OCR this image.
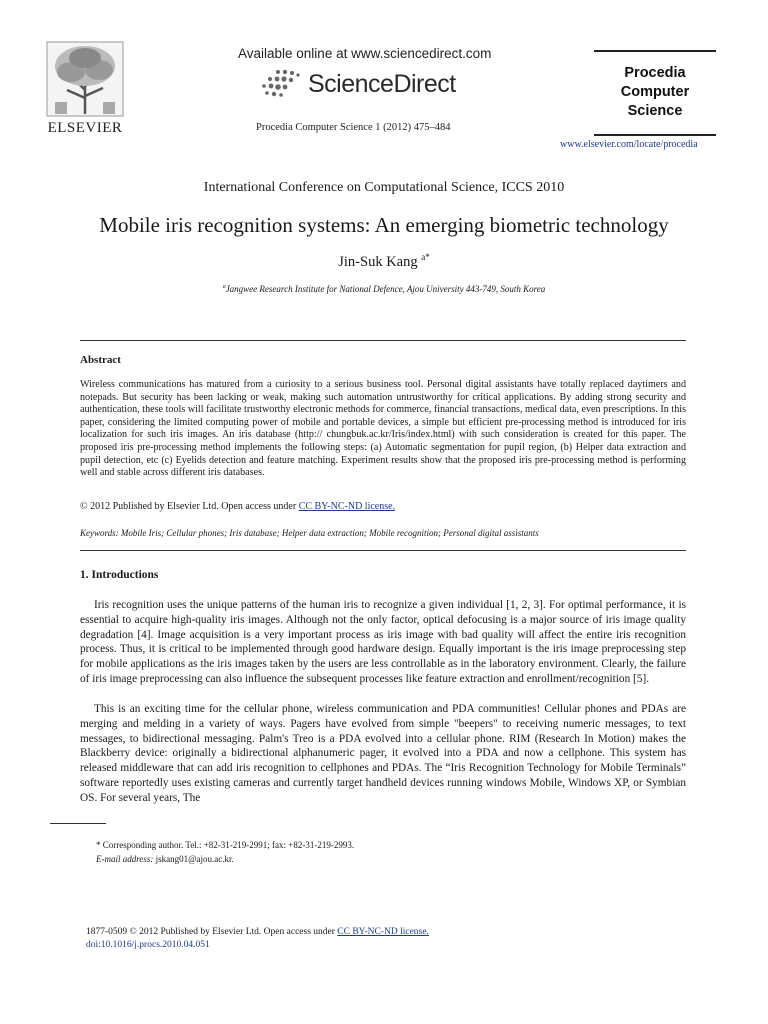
ELSEVIER
Available online at www.sciencedirect.com
ScienceDirect
Procedia Computer Science 1 (2012) 475–484
Procedia
Computer
Science
www.elsevier.com/locate/procedia
International Conference on Computational Science, ICCS 2010
Mobile iris recognition systems: An emerging biometric technology
Jin-Suk Kang $^{a*}$
$^a$Jangwee Research Institute for National Defence, Ajou University 443-749, South Korea
Abstract
Wireless communications has matured from a curiosity to a serious business tool. Personal digital assistants have totally replaced daytimers and notepads. But security has been lacking or weak, making such automation untrustworthy for critical applications. By adding strong security and authentication, these tools will facilitate trustworthy electronic methods for commerce, financial transactions, medical data, even prescriptions. In this paper, considering the limited computing power of mobile and portable devices, a simple but efficient pre-processing method is introduced for iris localization for such iris images. An iris database (http:// chungbuk.ac.kr/Iris/index.html) with such consideration is created for this paper. The proposed iris pre-processing method implements the following steps: (a) Automatic segmentation for pupil region, (b) Helper data extraction and pupil detection, etc (c) Eyelids detection and feature matching. Experiment results show that the proposed iris pre-processing method is performing well and stable across different iris databases.
© 2012 Published by Elsevier Ltd. Open access under CC BY-NC-ND license.
Keywords: Mobile Iris; Cellular phones; Iris database; Helper data extraction; Mobile recognition; Personal digital assistants
1. Introductions
Iris recognition uses the unique patterns of the human iris to recognize a given individual [1, 2, 3]. For optimal performance, it is essential to acquire high-quality iris images. Although not the only factor, optical defocusing is a major source of iris image quality degradation [4]. Image acquisition is a very important process as iris image with bad quality will affect the entire iris recognition process. Thus, it is critical to be implemented through good hardware design. Equally important is the iris image preprocessing step for mobile applications as the iris images taken by the users are less controllable as in the laboratory environment. Clearly, the failure of iris image preprocessing can also influence the subsequent processes like feature extraction and enrollment/recognition [5].
This is an exciting time for the cellular phone, wireless communication and PDA communities! Cellular phones and PDAs are merging and melding in a variety of ways. Pagers have evolved from simple "beepers" to receiving numeric messages, to text messages, to bidirectional messaging. Palm's Treo is a PDA evolved into a cellular phone. RIM (Research In Motion) makes the Blackberry device: originally a bidirectional alphanumeric pager, it evolved into a PDA and now a cellphone. This system has released middleware that can add iris recognition to cellphones and PDAs. The “Iris Recognition Technology for Mobile Terminals” software reportedly uses existing cameras and currently target handheld devices running windows Mobile, Windows XP, or Symbian OS. For several years, The
* Corresponding author. Tel.: +82-31-219-2991; fax: +82-31-219-2993.
E-mail address: jskang01@ajou.ac.kr.
1877-0509 © 2012 Published by Elsevier Ltd. Open access under CC BY-NC-ND license.
doi:10.1016/j.procs.2010.04.051
